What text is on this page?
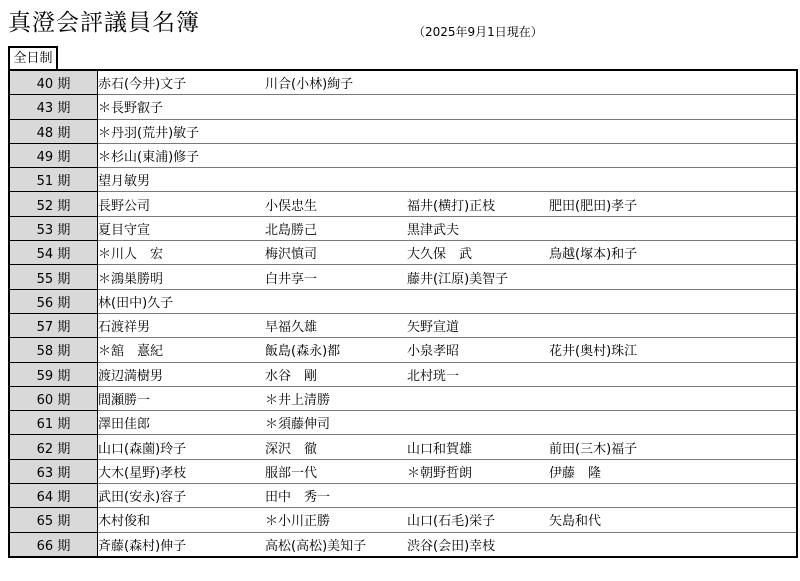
真澄会評議員名簿	（2025年9月1日現在）
全日制
40 期	赤石(今井)文子	川合(小林)絢子		
43 期	＊長野叡子			
48 期	＊丹羽(荒井)敏子			
49 期	＊杉山(東浦)修子			
51 期	望月敏男			
52 期	長野公司	小俣忠生	福井(横打)正枝	肥田(肥田)孝子
53 期	夏目守宣	北島勝己	黒津武夫	
54 期	＊川人　宏	梅沢慎司	大久保　武	鳥越(塚本)和子
55 期	＊鴻巣勝明	白井享一	藤井(江原)美智子	
56 期	林(田中)久子			
57 期	石渡祥男	早福久雄	矢野宣道	
58 期	＊舘　憙紀	飯島(森永)都	小泉孝昭	花井(奥村)珠江
59 期	渡辺満樹男	水谷　剛	北村珖一	
60 期	間瀬勝一	＊井上清勝		
61 期	澤田佳郎	＊須藤伸司		
62 期	山口(森薗)玲子	深沢　徹	山口和賀雄	前田(三木)福子
63 期	大木(星野)孝枝	服部一代	＊朝野哲朗	伊藤　隆
64 期	武田(安永)容子	田中　秀一		
65 期	木村俊和	＊小川正勝	山口(石毛)栄子	矢島和代
66 期	斉藤(森村)伸子	高松(高松)美知子	渋谷(会田)幸枝	
